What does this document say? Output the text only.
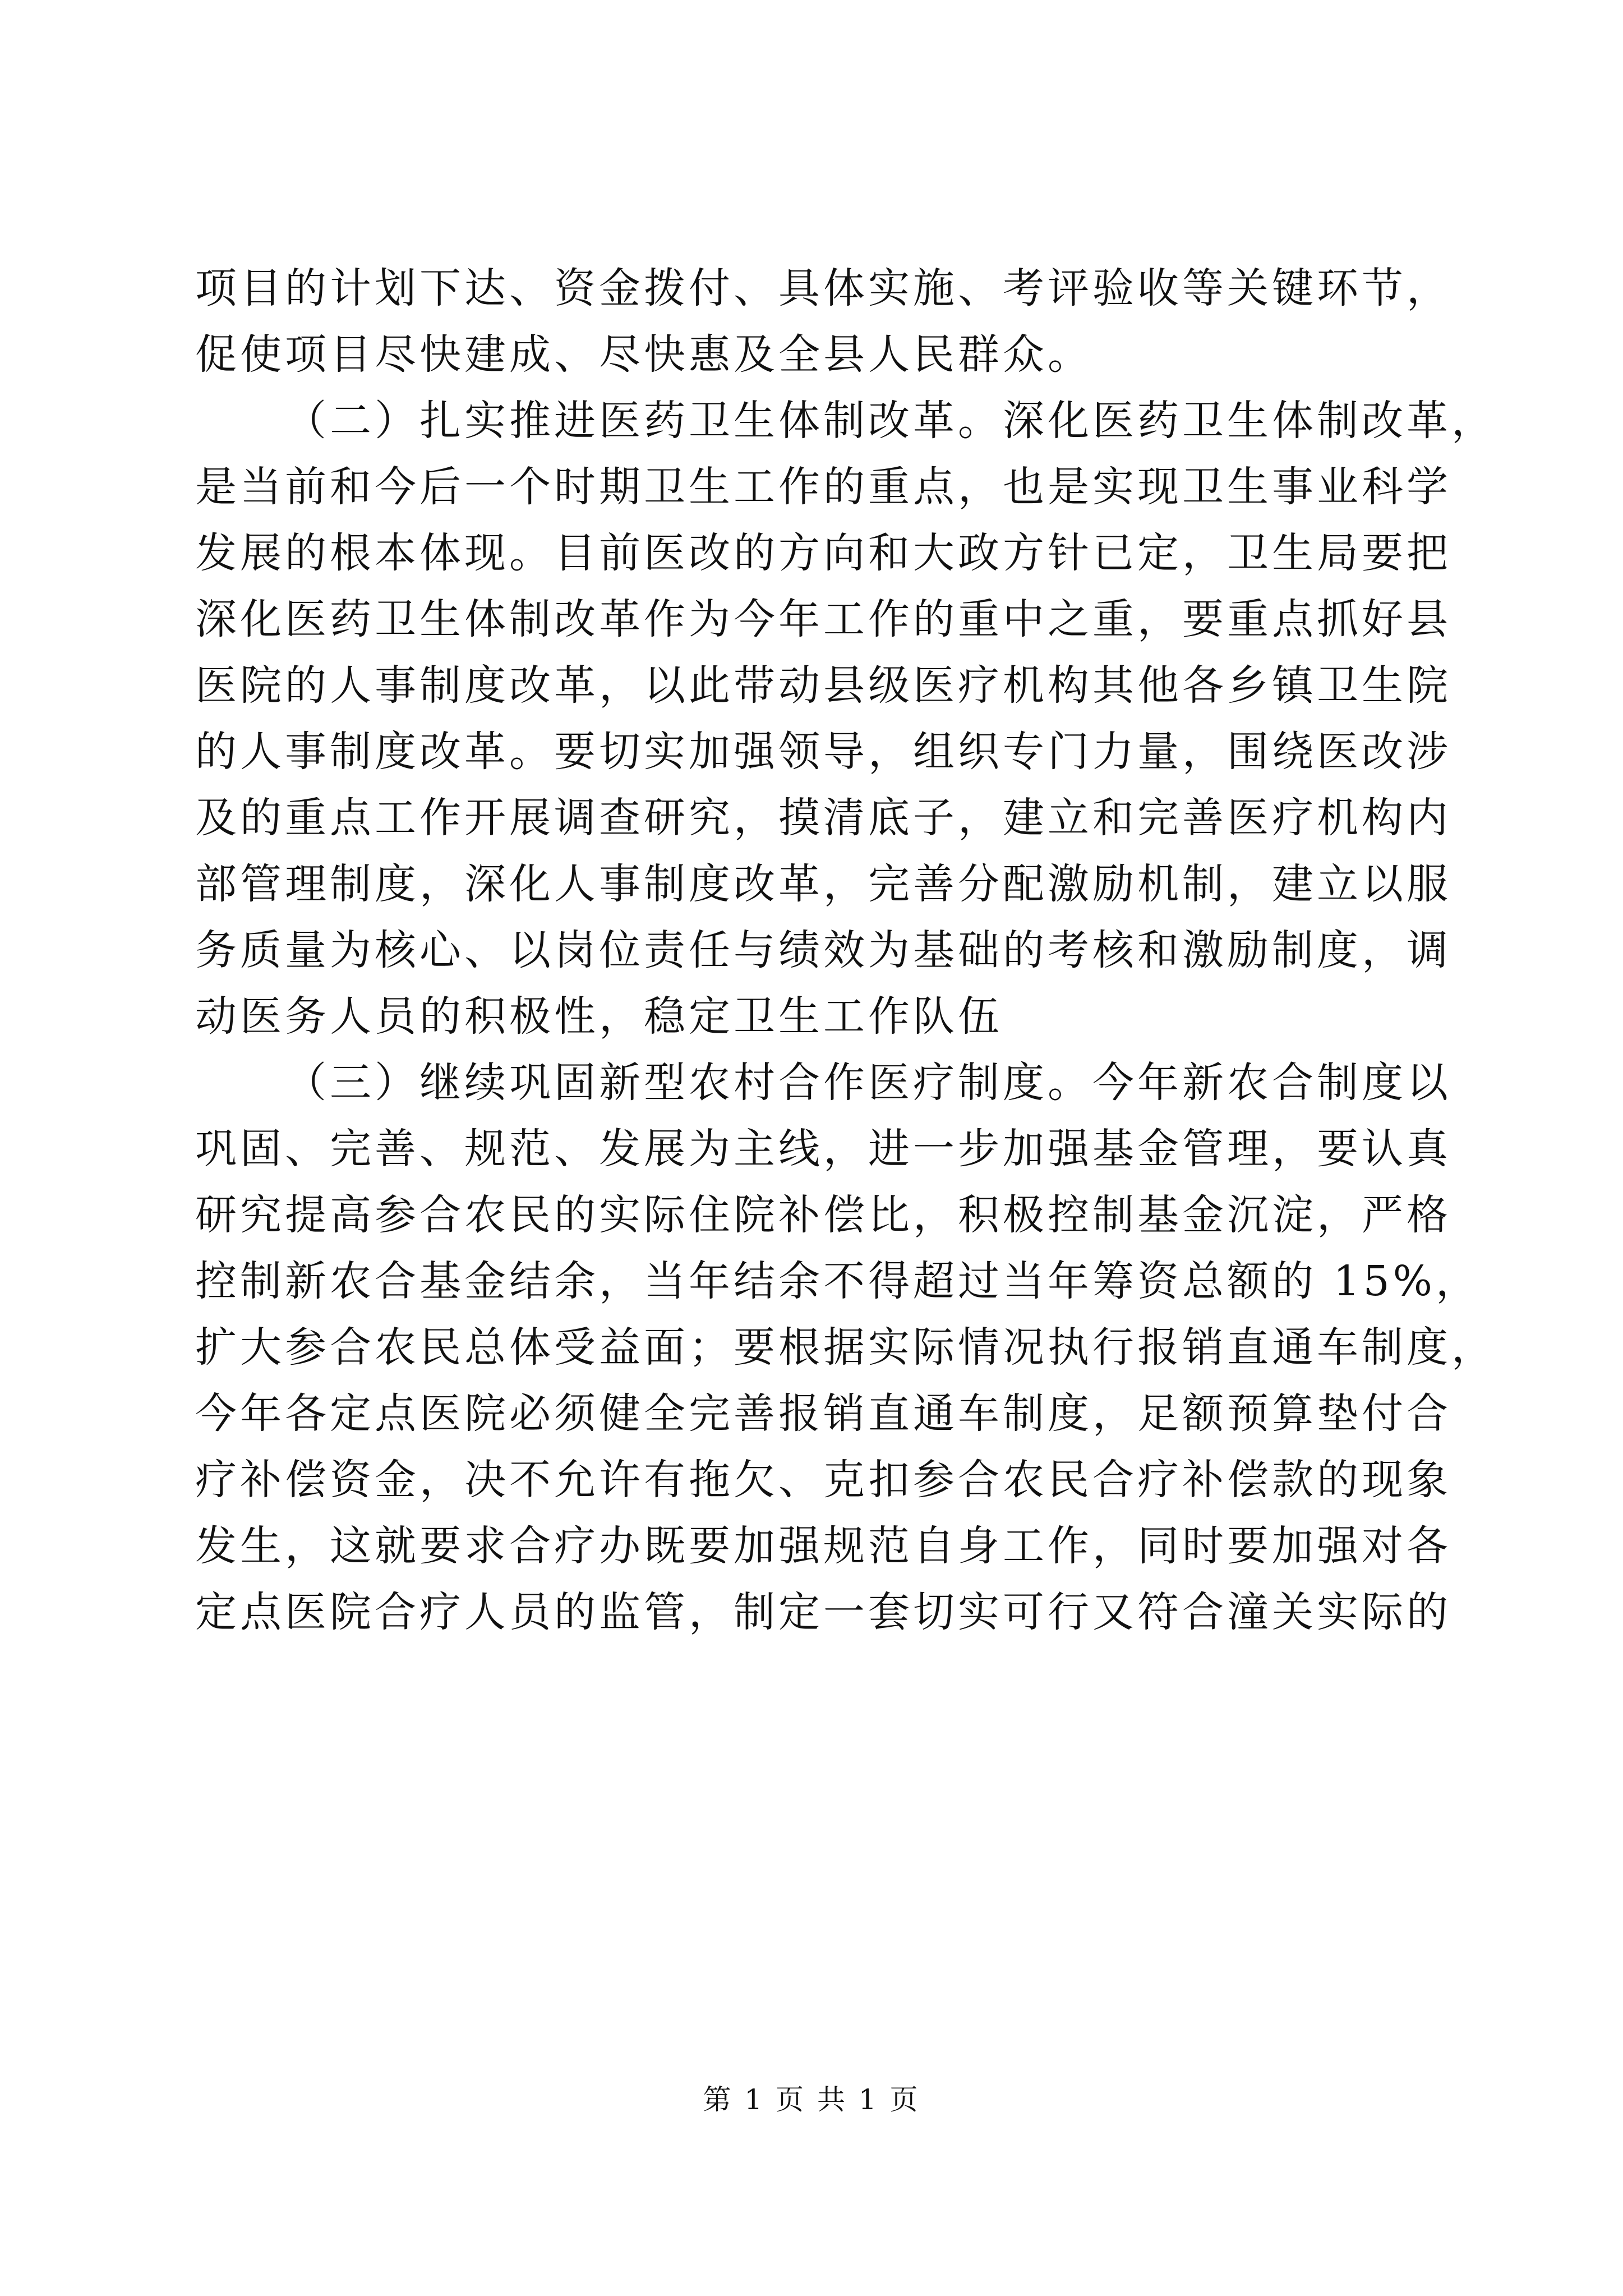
项目的计划下达、资金拨付、具体实施、考评验收等关键环节，
促使项目尽快建成、尽快惠及全县人民群众。
（二）扎实推进医药卫生体制改革。深化医药卫生体制改革，
是当前和今后一个时期卫生工作的重点，也是实现卫生事业科学
发展的根本体现。目前医改的方向和大政方针已定，卫生局要把
深化医药卫生体制改革作为今年工作的重中之重，要重点抓好县
医院的人事制度改革，以此带动县级医疗机构其他各乡镇卫生院
的人事制度改革。要切实加强领导，组织专门力量，围绕医改涉
及的重点工作开展调查研究，摸清底子，建立和完善医疗机构内
部管理制度，深化人事制度改革，完善分配激励机制，建立以服
务质量为核心、以岗位责任与绩效为基础的考核和激励制度，调
动医务人员的积极性，稳定卫生工作队伍
（三）继续巩固新型农村合作医疗制度。今年新农合制度以
巩固、完善、规范、发展为主线，进一步加强基金管理，要认真
研究提高参合农民的实际住院补偿比，积极控制基金沉淀，严格
控制新农合基金结余，当年结余不得超过当年筹资总额的 15%，
扩大参合农民总体受益面；要根据实际情况执行报销直通车制度，
今年各定点医院必须健全完善报销直通车制度，足额预算垫付合
疗补偿资金，决不允许有拖欠、克扣参合农民合疗补偿款的现象
发生，这就要求合疗办既要加强规范自身工作，同时要加强对各
定点医院合疗人员的监管，制定一套切实可行又符合潼关实际的
第 1 页 共 1 页
